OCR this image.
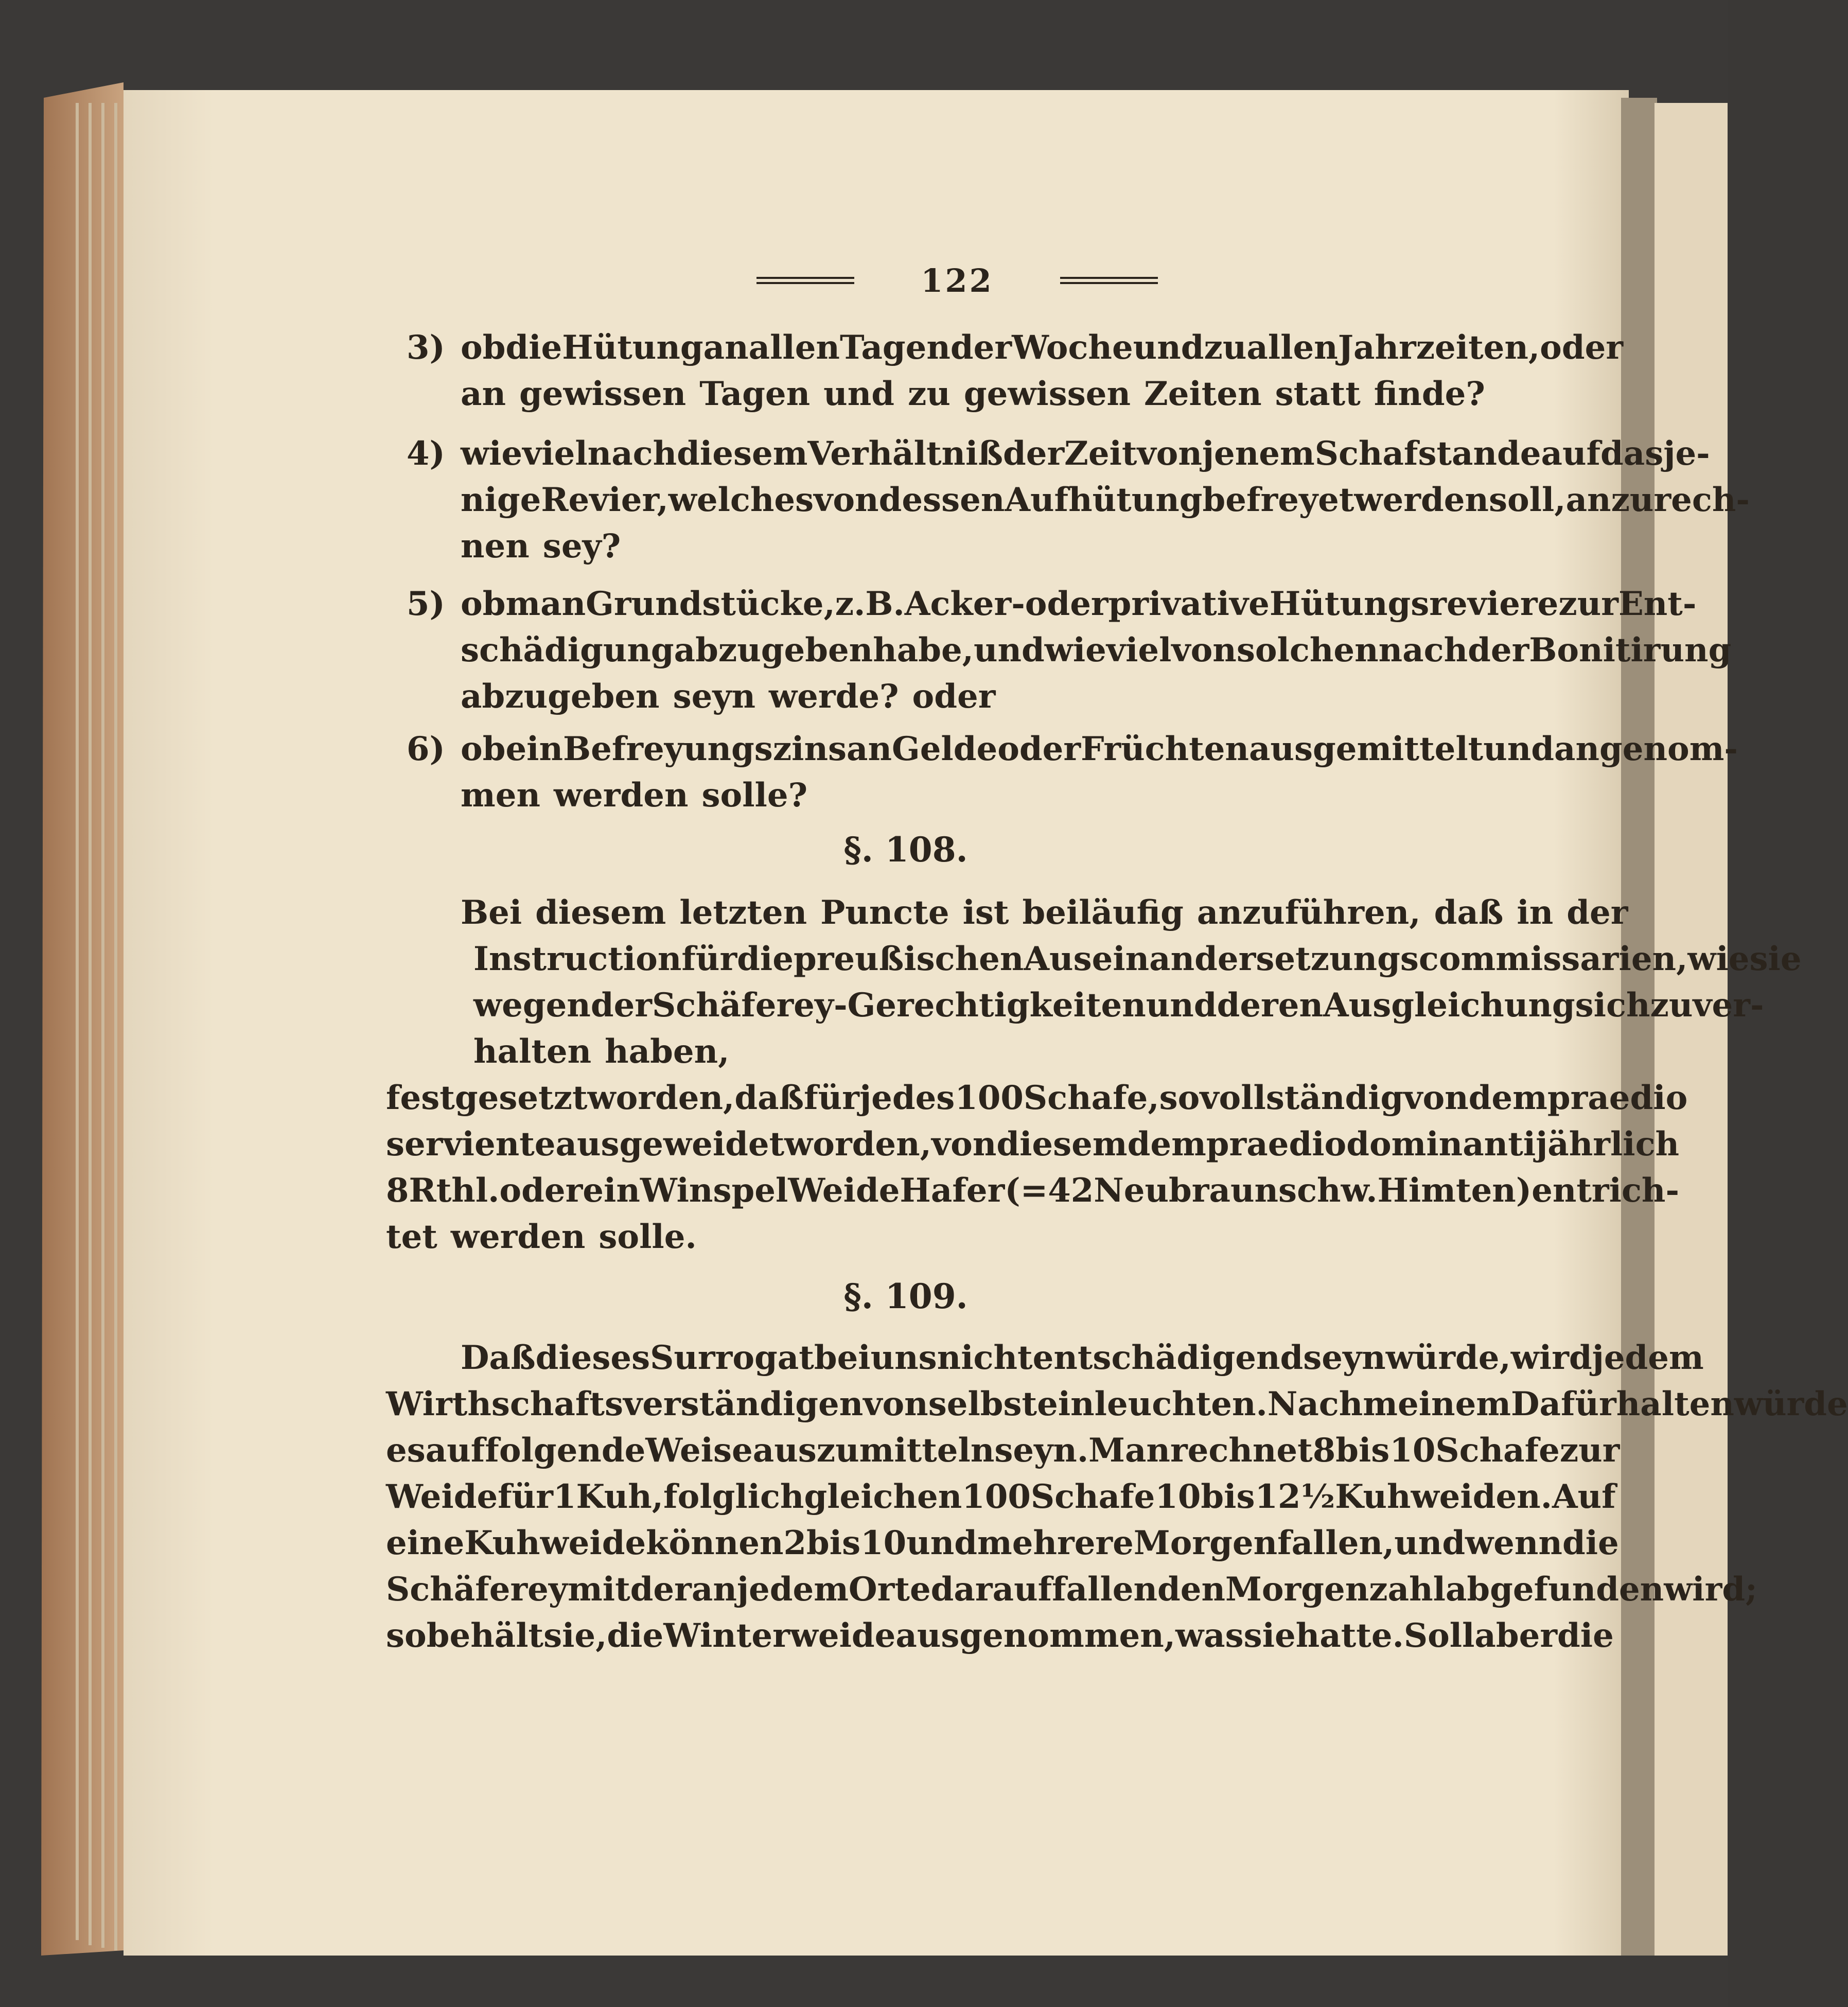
122
3) ob die Hütung an allen Tagen der Woche und zu allen Jahrzeiten, oder
an gewissen Tagen und zu gewissen Zeiten statt finde?
4) wieviel nach diesem Verhältniß der Zeit von jenem Schafstande auf dasje-
nige Revier, welches von dessen Aufhütung befreyet werden soll, anzurech-
nen sey?
5) ob man Grundstücke, z. B. Acker- oder privative Hütungsreviere zur Ent-
schädigung abzugeben habe, und wieviel von solchen nach der Bonitirung
abzugeben seyn werde? oder
6) ob ein Befreyungszins an Gelde oder Früchten ausgemittelt und angenom-
men werden solle?
§. 108.
Bei diesem letzten Puncte ist beiläufig anzuführen, daß in der
Instruction für die preußischen Auseinandersetzungscommissarien, wie sie
wegen der Schäferey-Gerechtigkeiten und deren Ausgleichung sich zu ver-
halten haben,
festgesetzt worden, daß für jedes 100 Schafe, so vollständig von dem praedio
serviente ausgeweidet worden, von diesem dem praedio dominanti jährlich
8 Rthl. oder ein Winspel Weide Hafer (=42 Neubraunschw. Himten) entrich-
tet werden solle.
§. 109.
Daß dieses Surrogat bei uns nicht entschädigend seyn würde, wird jedem
Wirthschaftsverständigen von selbst einleuchten. Nach meinem Dafürhalten würde
es auf folgende Weise auszumitteln seyn. Man rechnet 8 bis 10 Schafe zur
Weide für 1 Kuh, folglich gleichen 100 Schafe 10 bis 12½ Kuhweiden. Auf
eine Kuhweide können 2 bis 10 und mehrere Morgen fallen, und wenn die
Schäferey mit der an jedem Orte darauf fallenden Morgenzahl abgefunden wird;
so behält sie, die Winterweide ausgenommen, was sie hatte. Soll aber die
